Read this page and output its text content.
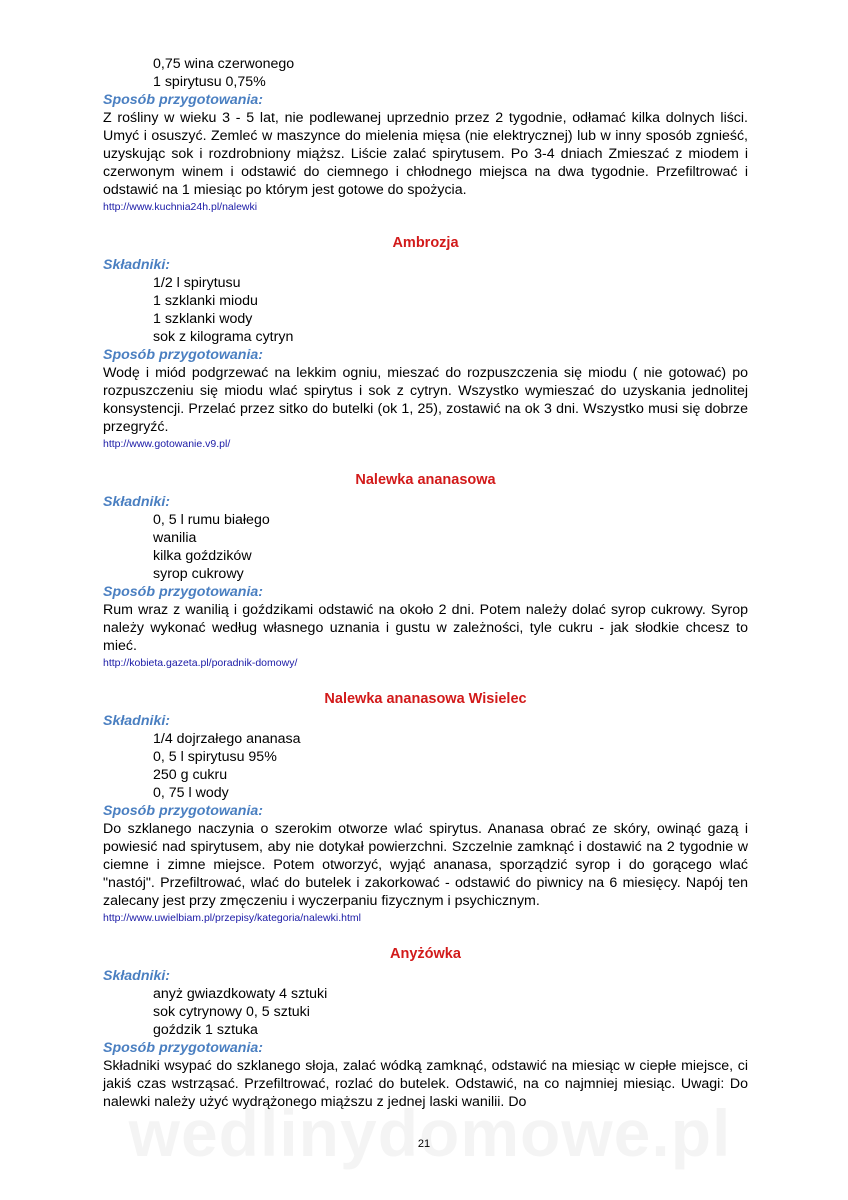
0,75 wina czerwonego
1 spirytusu 0,75%
Sposób przygotowania:
Z rośliny w wieku 3 - 5 lat, nie podlewanej uprzednio przez 2 tygodnie, odłamać kilka dolnych liści. Umyć i osuszyć. Zemleć w maszynce do mielenia mięsa (nie elektrycznej) lub w inny sposób zgnieść, uzyskując sok i rozdrobniony miąższ. Liście zalać spirytusem. Po 3-4 dniach Zmieszać z miodem i czerwonym winem i odstawić do ciemnego i chłodnego miejsca na dwa tygodnie. Przefiltrować i odstawić na 1 miesiąc po którym jest gotowe do spożycia.
http://www.kuchnia24h.pl/nalewki
Ambrozja
Składniki:
1/2 l spirytusu
1 szklanki miodu
1 szklanki wody
sok z kilograma cytryn
Sposób przygotowania:
Wodę i miód podgrzewać na lekkim ogniu, mieszać do rozpuszczenia się miodu ( nie gotować) po rozpuszczeniu się miodu wlać spirytus i sok z cytryn. Wszystko wymieszać do uzyskania jednolitej konsystencji. Przelać przez sitko do butelki (ok 1, 25), zostawić na ok 3 dni. Wszystko musi się dobrze przegryźć.
http://www.gotowanie.v9.pl/
Nalewka ananasowa
Składniki:
0, 5 l rumu białego
wanilia
kilka goździków
syrop cukrowy
Sposób przygotowania:
Rum wraz z wanilią i goździkami odstawić na około 2 dni. Potem należy dolać syrop cukrowy. Syrop należy wykonać według własnego uznania i gustu w zależności, tyle cukru - jak słodkie chcesz to mieć.
http://kobieta.gazeta.pl/poradnik-domowy/
Nalewka ananasowa Wisielec
Składniki:
1/4 dojrzałego ananasa
0, 5 l spirytusu 95%
250 g cukru
0, 75 l wody
Sposób przygotowania:
Do szklanego naczynia o szerokim otworze wlać spirytus. Ananasa obrać ze skóry, owinąć gazą i powiesić nad spirytusem, aby nie dotykał powierzchni. Szczelnie zamknąć i dostawić na 2 tygodnie w ciemne i zimne miejsce. Potem otworzyć, wyjąć ananasa, sporządzić syrop i do gorącego wlać "nastój". Przefiltrować, wlać do butelek i zakorkować - odstawić do piwnicy na 6 miesięcy. Napój ten zalecany jest przy zmęczeniu i wyczerpaniu fizycznym i psychicznym.
http://www.uwielbiam.pl/przepisy/kategoria/nalewki.html
Anyżówka
Składniki:
anyż gwiazdkowaty 4 sztuki
sok cytrynowy 0, 5 sztuki
goździk 1 sztuka
Sposób przygotowania:
Składniki wsypać do szklanego słoja, zalać wódką zamknąć, odstawić na miesiąc w ciepłe miejsce, ci jakiś czas wstrząsać. Przefiltrować, rozlać do butelek. Odstawić, na co najmniej miesiąc. Uwagi: Do nalewki należy użyć wydrążonego miąższu z jednej laski wanilii. Do
21
